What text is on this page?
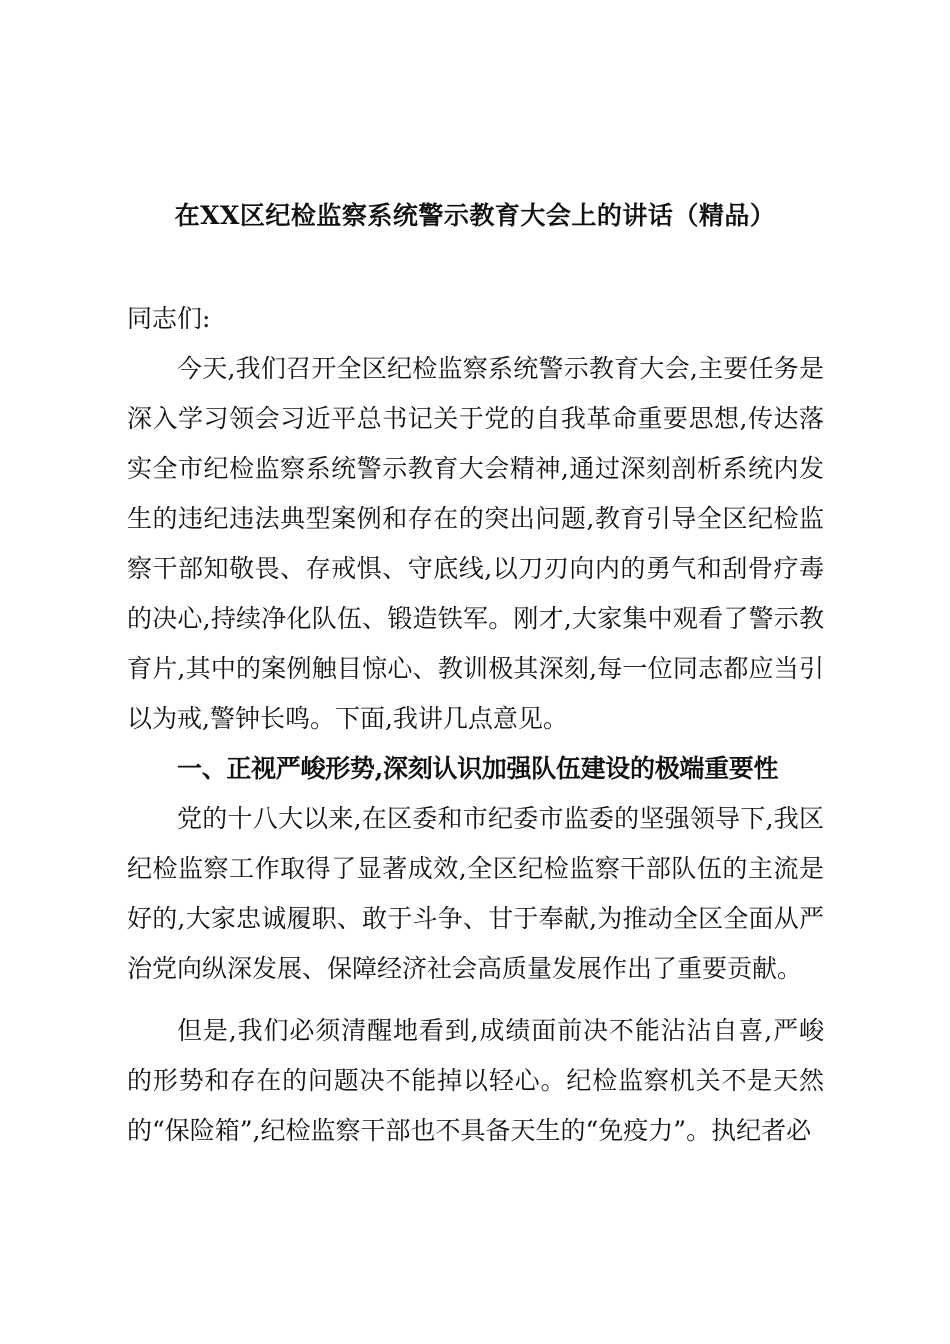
在XX区纪检监察系统警示教育大会上的讲话（精品）

同志们:

今天,我们召开全区纪检监察系统警示教育大会,主要任务是深入学习领会习近平总书记关于党的自我革命重要思想,传达落实全市纪检监察系统警示教育大会精神,通过深刻剖析系统内发生的违纪违法典型案例和存在的突出问题,教育引导全区纪检监察干部知敬畏、存戒惧、守底线,以刀刃向内的勇气和刮骨疗毒的决心,持续净化队伍、锻造铁军。刚才,大家集中观看了警示教育片,其中的案例触目惊心、教训极其深刻,每一位同志都应当引以为戒,警钟长鸣。下面,我讲几点意见。

一、正视严峻形势,深刻认识加强队伍建设的极端重要性

党的十八大以来,在区委和市纪委市监委的坚强领导下,我区纪检监察工作取得了显著成效,全区纪检监察干部队伍的主流是好的,大家忠诚履职、敢于斗争、甘于奉献,为推动全区全面从严治党向纵深发展、保障经济社会高质量发展作出了重要贡献。

但是,我们必须清醒地看到,成绩面前决不能沾沾自喜,严峻的形势和存在的问题决不能掉以轻心。纪检监察机关不是天然的“保险箱”,纪检监察干部也不具备天生的“免疫力”。执纪者必
